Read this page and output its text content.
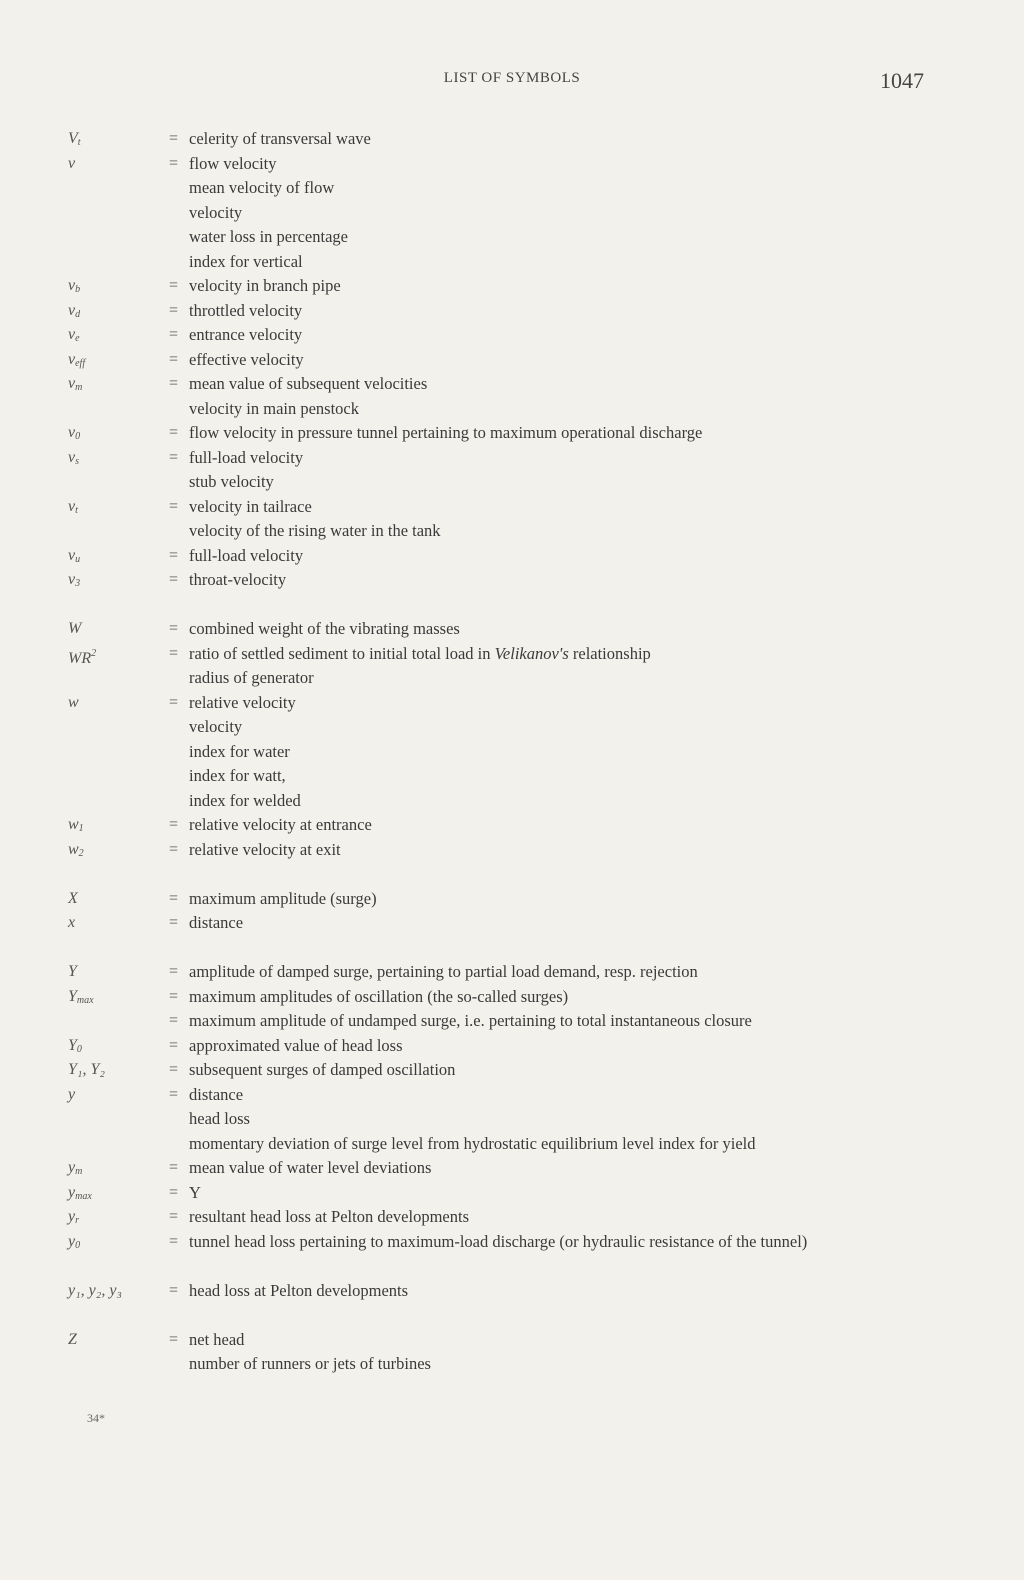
LIST OF SYMBOLS	1047
$V_t$	= celerity of transversal wave
v	= flow velocity
mean velocity of flow
velocity
water loss in percentage
index for vertical
$v_b$	= velocity in branch pipe
$v_d$	= throttled velocity
$v_e$	= entrance velocity
$v_{eff}$	= effective velocity
$v_m$	= mean value of subsequent velocities
velocity in main penstock
$v_0$	= flow velocity in pressure tunnel pertaining to maximum operational discharge
$v_s$	= full-load velocity
stub velocity
$v_t$	= velocity in tailrace
velocity of the rising water in the tank
$v_u$	= full-load velocity
$v_3$	= throat-velocity
W	= combined weight of the vibrating masses
$WR^2$	= ratio of settled sediment to initial total load in Velikanov's relationship
radius of generator
w	= relative velocity
velocity
index for water
index for watt,
index for welded
$w_1$	= relative velocity at entrance
$w_2$	= relative velocity at exit
X	= maximum amplitude (surge)
x	= distance
Y	= amplitude of damped surge, pertaining to partial load demand, resp. rejection
$Y_{max}$	= maximum amplitudes of oscillation (the so-called surges)
= maximum amplitude of undamped surge, i.e. pertaining to total instantaneous closure
$Y_0$	= approximated value of head loss
Y₁, Y₂	= subsequent surges of damped oscillation
y	= distance
head loss
momentary deviation of surge level from hydrostatic equilibrium level index for yield
$y_m$	= mean value of water level deviations
$y_{max}$	= Y
$y_r$	= resultant head loss at Pelton developments
$y_0$	= tunnel head loss pertaining to maximum-load discharge (or hydraulic resistance of the tunnel)
y₁, y₂, y₃	= head loss at Pelton developments
Z	= net head
number of runners or jets of turbines
34*
